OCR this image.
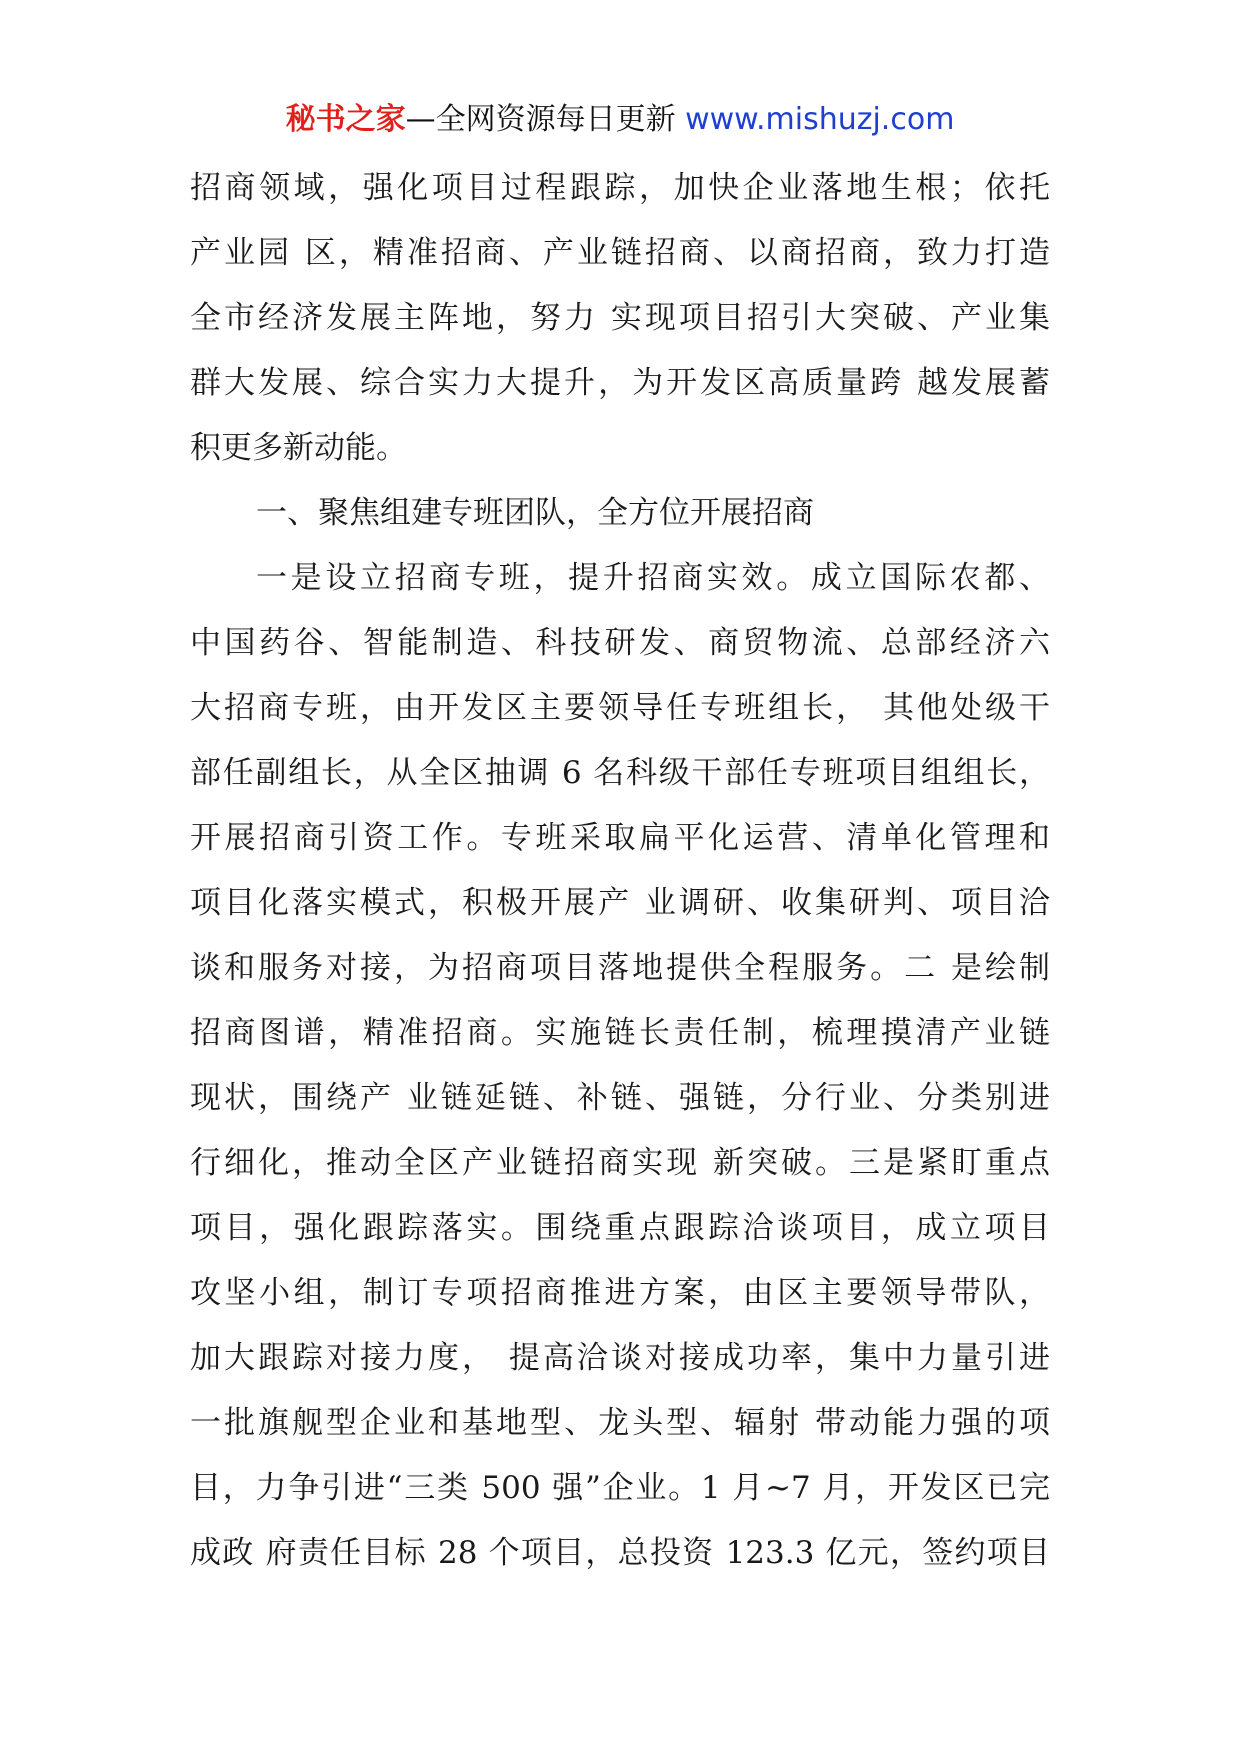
秘书之家—全网资源每日更新 www.mishuzj.com
招商领域，强化项目过程跟踪，加快企业落地生根；依托
产业园 区，精准招商、产业链招商、以商招商，致力打造
全市经济发展主阵地，努力 实现项目招引大突破、产业集
群大发展、综合实力大提升，为开发区高质量跨 越发展蓄
积更多新动能。
一、聚焦组建专班团队，全方位开展招商
一是设立招商专班，提升招商实效。成立国际农都、
中国药谷、智能制造、科技研发、商贸物流、总部经济六
大招商专班，由开发区主要领导任专班组长， 其他处级干
部任副组长，从全区抽调 6 名科级干部任专班项目组组长，
开展招商引资工作。专班采取扁平化运营、清单化管理和
项目化落实模式，积极开展产 业调研、收集研判、项目洽
谈和服务对接，为招商项目落地提供全程服务。二 是绘制
招商图谱，精准招商。实施链长责任制，梳理摸清产业链
现状，围绕产 业链延链、补链、强链，分行业、分类别进
行细化，推动全区产业链招商实现 新突破。三是紧盯重点
项目，强化跟踪落实。围绕重点跟踪洽谈项目，成立项目
攻坚小组，制订专项招商推进方案，由区主要领导带队，
加大跟踪对接力度， 提高洽谈对接成功率，集中力量引进
一批旗舰型企业和基地型、龙头型、辐射 带动能力强的项
目，力争引进“三类 500 强”企业。1 月~7 月，开发区已完
成政 府责任目标 28 个项目，总投资 123.3 亿元，签约项目
